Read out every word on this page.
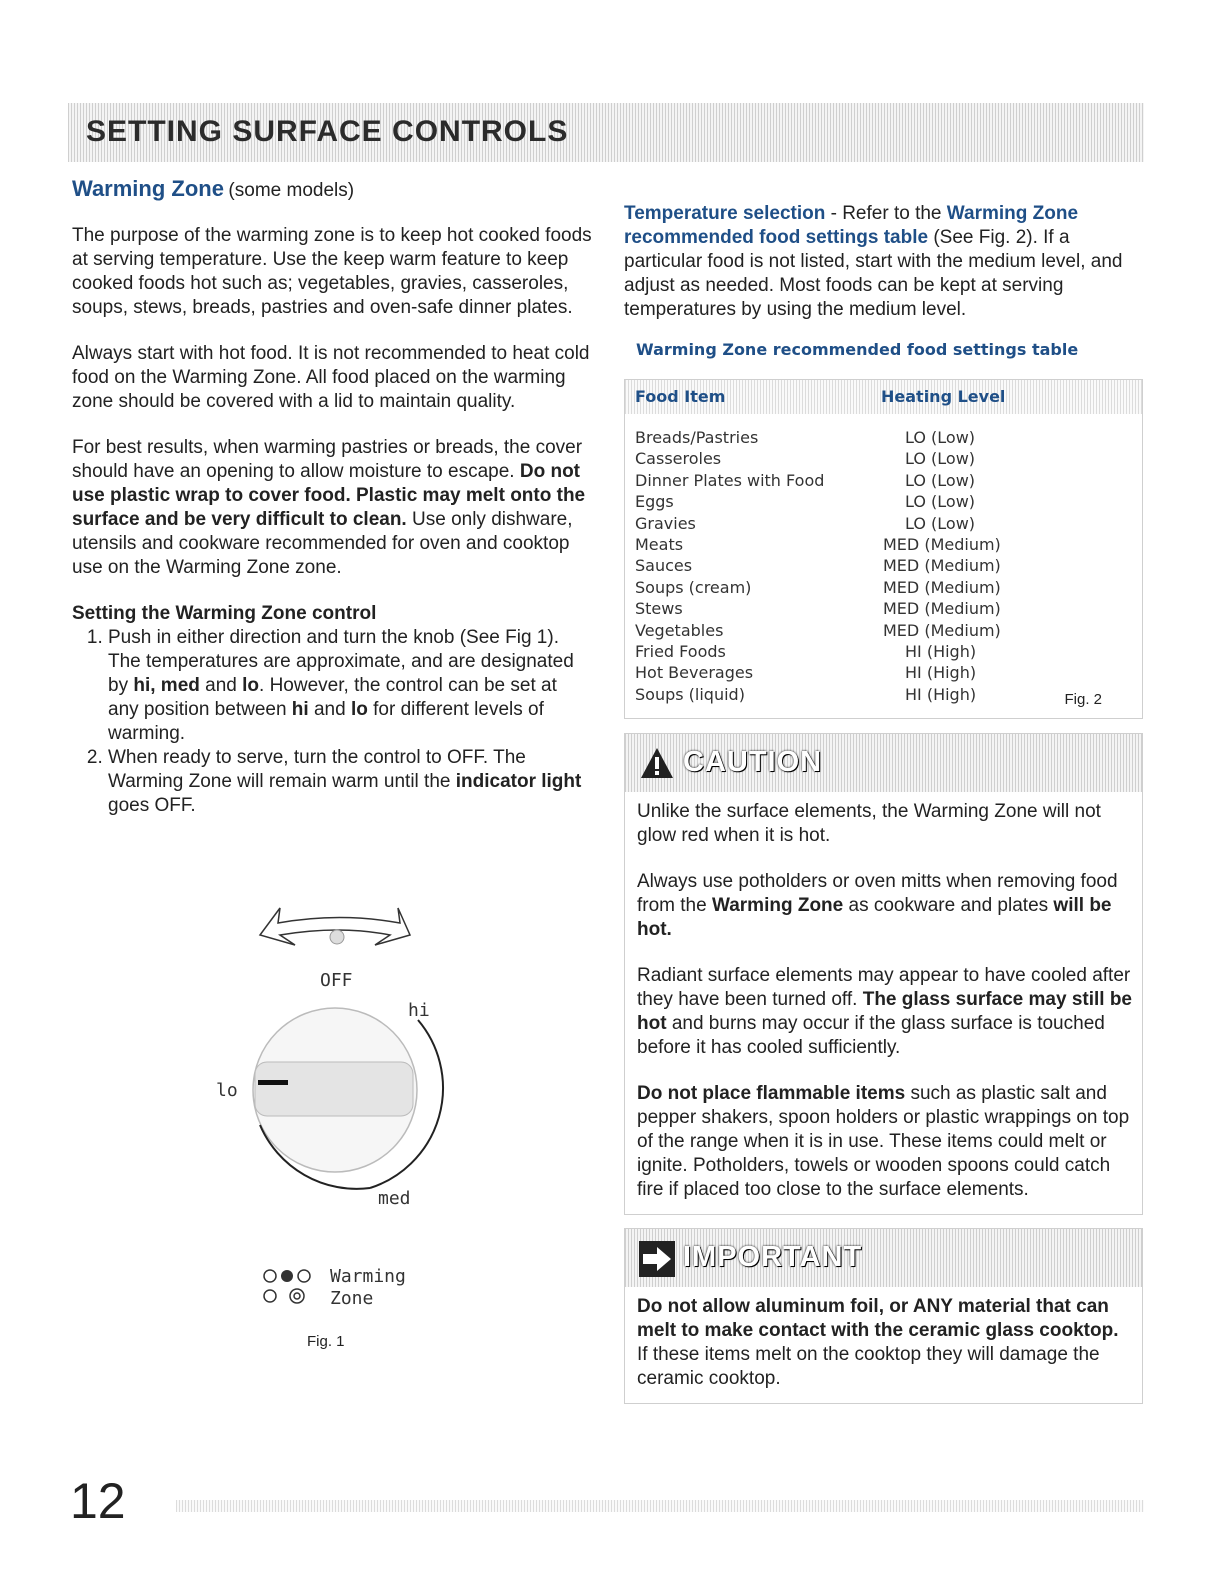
SETTING SURFACE CONTROLS
Warming Zone (some models)

The purpose of the warming zone is to keep hot cooked foods at serving temperature. Use the keep warm feature to keep cooked foods hot such as; vegetables, gravies, casseroles, soups, stews, breads, pastries and oven-safe dinner plates.

Always start with hot food. It is not recommended to heat cold food on the Warming Zone. All food placed on the warming zone should be covered with a lid to maintain quality.

For best results, when warming pastries or breads, the cover should have an opening to allow moisture to escape. Do not use plastic wrap to cover food. Plastic may melt onto the surface and be very difficult to clean. Use only dishware, utensils and cookware recommended for oven and cooktop use on the Warming Zone zone.

Setting the Warming Zone control

1. Push in either direction and turn the knob (See Fig 1). The temperatures are approximate, and are designated by hi, med and lo. However, the control can be set at any position between hi and lo for different levels of warming.
2. When ready to serve, turn the control to OFF. The Warming Zone will remain warm until the indicator light goes OFF.
OFF
hi
lo
med
Warming
Zone
Fig. 1

Temperature selection - Refer to the Warming Zone recommended food settings table (See Fig. 2). If a particular food is not listed, start with the medium level, and adjust as needed. Most foods can be kept at serving temperatures by using the medium level.

Warming Zone recommended food settings table
Food Item	Heating Level
Breads/Pastries	LO (Low)
Casseroles	LO (Low)
Dinner Plates with Food	LO (Low)
Eggs	LO (Low)
Gravies	LO (Low)
Meats	MED (Medium)
Sauces	MED (Medium)
Soups (cream)	MED (Medium)
Stews	MED (Medium)
Vegetables	MED (Medium)
Fried Foods	HI (High)
Hot Beverages	HI (High)
Soups (liquid)	HI (High)	Fig. 2
CAUTION

Unlike the surface elements, the Warming Zone will not glow red when it is hot.

Always use potholders or oven mitts when removing food from the Warming Zone as cookware and plates will be hot.

Radiant surface elements may appear to have cooled after they have been turned off. The glass surface may still be hot and burns may occur if the glass surface is touched before it has cooled sufficiently.

Do not place flammable items such as plastic salt and pepper shakers, spoon holders or plastic wrappings on top of the range when it is in use. These items could melt or ignite. Potholders, towels or wooden spoons could catch fire if placed too close to the surface elements.

IMPORTANT

Do not allow aluminum foil, or ANY material that can melt to make contact with the ceramic glass cooktop. If these items melt on the cooktop they will damage the ceramic cooktop.

12
